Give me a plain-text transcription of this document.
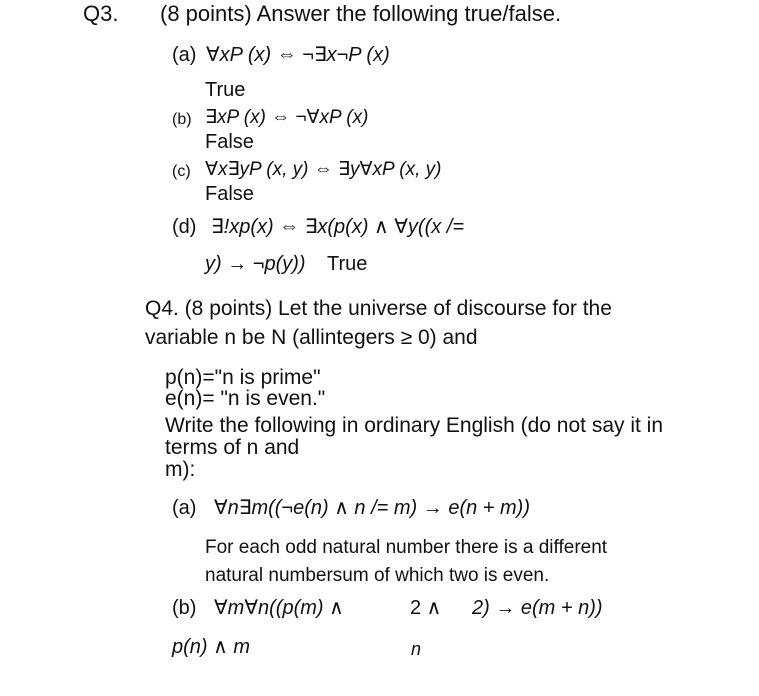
Q3. (8 points) Answer the following true/false.
(a) ∀xP (x) ⇔ ¬∃x¬P (x)
True
(b) ∃xP (x) ⇔ ¬∀xP (x)
False
(c) ∀x∃yP (x, y) ⇔ ∃y∀xP (x, y)
False
(d) ∃!xp(x) ⇔ ∃x(p(x) ∧ ∀y((x /=
y) → ¬p(y)) True
Q4. (8 points) Let the universe of discourse for the
variable n be N (allintegers ≥ 0) and
p(n)="n is prime"
e(n)= "n is even."
Write the following in ordinary English (do not say it in
terms of n and
m):
(a) ∀n∃m((¬e(n) ∧ n /= m) → e(n + m))
For each odd natural number there is a different
natural numbersum of which two is even.
(b) ∀m∀n((p(m) ∧	2 ∧ 2) → e(m + n))
p(n) ∧ m	n
